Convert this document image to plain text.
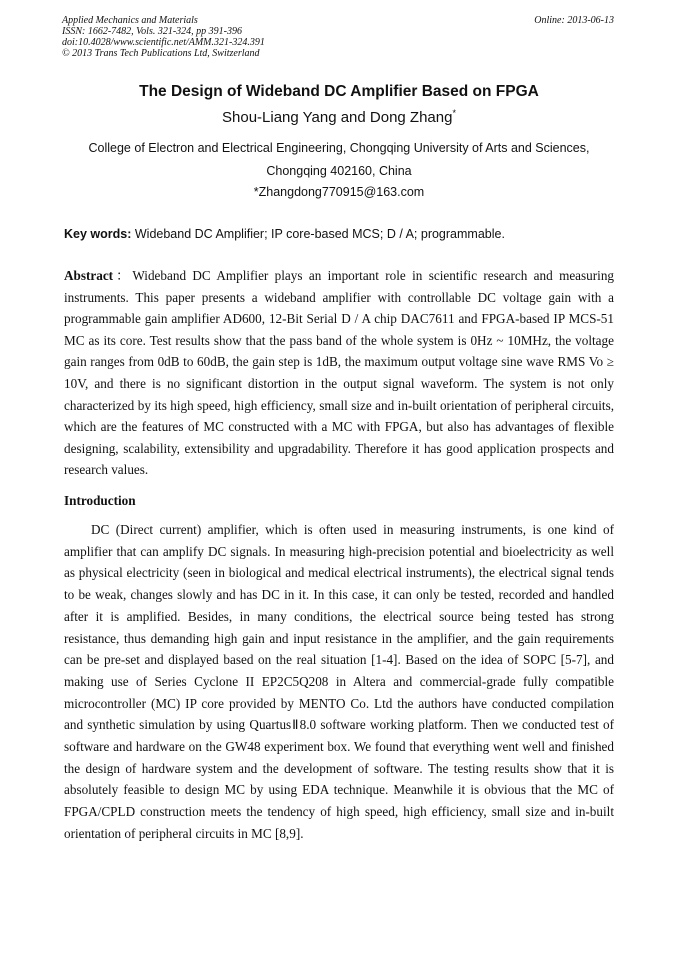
Applied Mechanics and Materials
ISSN: 1662-7482, Vols. 321-324, pp 391-396
doi:10.4028/www.scientific.net/AMM.321-324.391
© 2013 Trans Tech Publications Ltd, Switzerland
Online: 2013-06-13
The Design of Wideband DC Amplifier Based on FPGA
Shou-Liang Yang and Dong Zhang*
College of Electron and Electrical Engineering, Chongqing University of Arts and Sciences,
Chongqing 402160, China
*Zhangdong770915@163.com
Key words: Wideband DC Amplifier; IP core-based MCS; D / A; programmable.
Abstract：Wideband DC Amplifier plays an important role in scientific research and measuring instruments. This paper presents a wideband amplifier with controllable DC voltage gain with a programmable gain amplifier AD600, 12-Bit Serial D / A chip DAC7611 and FPGA-based IP MCS-51 MC as its core. Test results show that the pass band of the whole system is 0Hz ~ 10MHz, the voltage gain ranges from 0dB to 60dB, the gain step is 1dB, the maximum output voltage sine wave RMS Vo ≥ 10V, and there is no significant distortion in the output signal waveform. The system is not only characterized by its high speed, high efficiency, small size and in-built orientation of peripheral circuits, which are the features of MC constructed with a MC with FPGA, but also has advantages of flexible designing, scalability, extensibility and upgradability. Therefore it has good application prospects and research values.
Introduction
DC (Direct current) amplifier, which is often used in measuring instruments, is one kind of amplifier that can amplify DC signals. In measuring high-precision potential and bioelectricity as well as physical electricity (seen in biological and medical electrical instruments), the electrical signal tends to be weak, changes slowly and has DC in it. In this case, it can only be tested, recorded and handled after it is amplified. Besides, in many conditions, the electrical source being tested has strong resistance, thus demanding high gain and input resistance in the amplifier, and the gain requirements can be pre-set and displayed based on the real situation [1-4]. Based on the idea of SOPC [5-7], and making use of Series Cyclone II EP2C5Q208 in Altera and commercial-grade fully compatible microcontroller (MC) IP core provided by MENTO Co. Ltd the authors have conducted compilation and synthetic simulation by using QuartusⅡ8.0 software working platform. Then we conducted test of software and hardware on the GW48 experiment box. We found that everything went well and finished the design of hardware system and the development of software. The testing results show that it is absolutely feasible to design MC by using EDA technique. Meanwhile it is obvious that the MC of FPGA/CPLD construction meets the tendency of high speed, high efficiency, small size and in-built orientation of peripheral circuits in MC [8,9].
